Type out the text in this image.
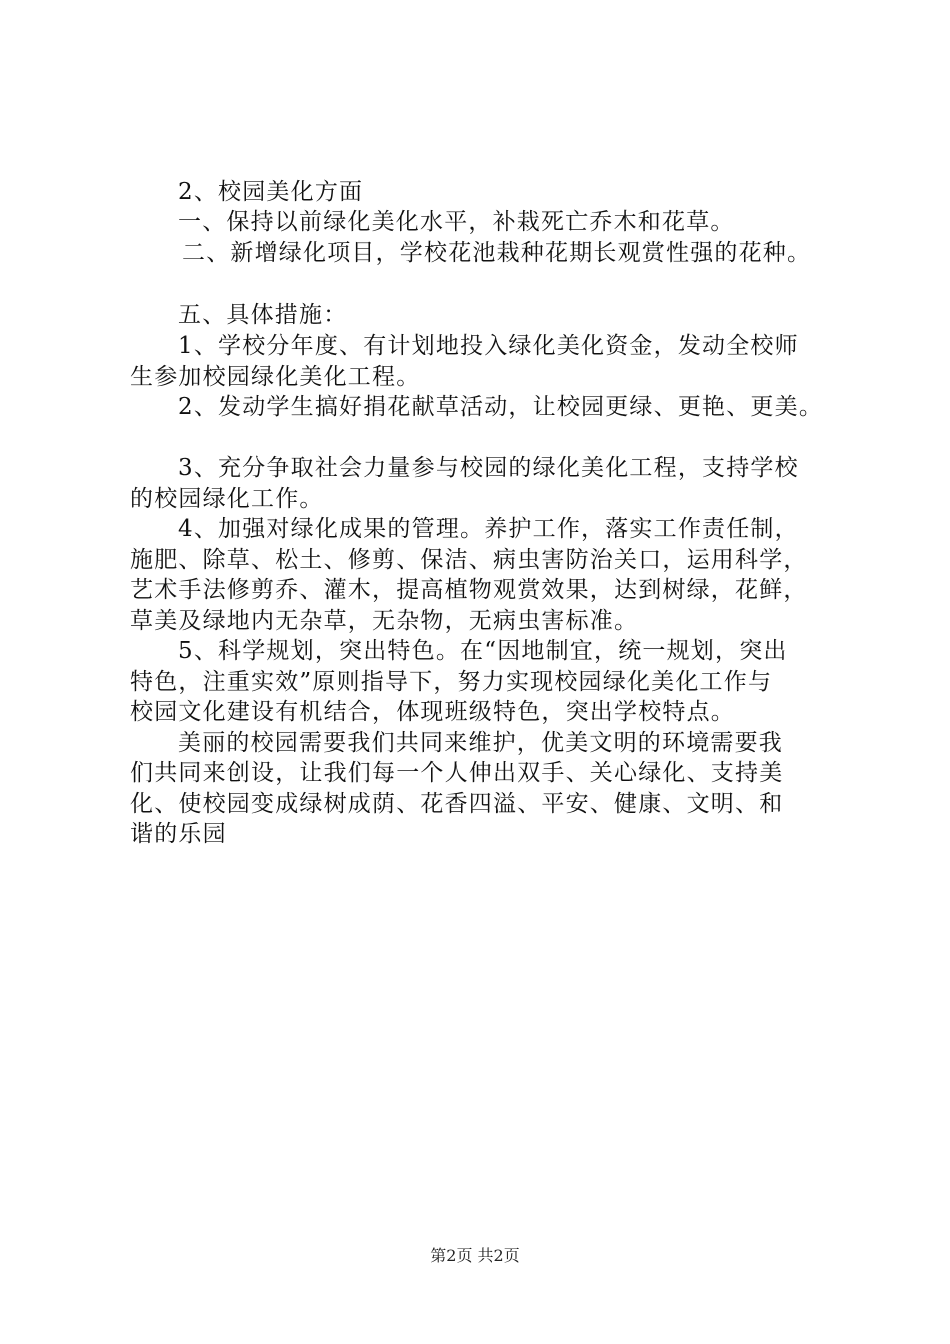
2、校园美化方面
一、保持以前绿化美化水平，补栽死亡乔木和花草。
二、新增绿化项目，学校花池栽种花期长观赏性强的花种。
五、具体措施：
1、学校分年度、有计划地投入绿化美化资金，发动全校师
生参加校园绿化美化工程。
2、发动学生搞好捐花献草活动，让校园更绿、更艳、更美。
3、充分争取社会力量参与校园的绿化美化工程，支持学校
的校园绿化工作。
4、加强对绿化成果的管理。养护工作，落实工作责任制，
施肥、除草、松土、修剪、保洁、病虫害防治关口，运用科学，
艺术手法修剪乔、灌木，提高植物观赏效果，达到树绿，花鲜，
草美及绿地内无杂草，无杂物，无病虫害标准。
5、科学规划，突出特色。在“因地制宜，统一规划，突出
特色，注重实效”原则指导下，努力实现校园绿化美化工作与
校园文化建设有机结合，体现班级特色，突出学校特点。
美丽的校园需要我们共同来维护，优美文明的环境需要我
们共同来创设，让我们每一个人伸出双手、关心绿化、支持美
化、使校园变成绿树成荫、花香四溢、平安、健康、文明、和
谐的乐园
第2页 共2页
